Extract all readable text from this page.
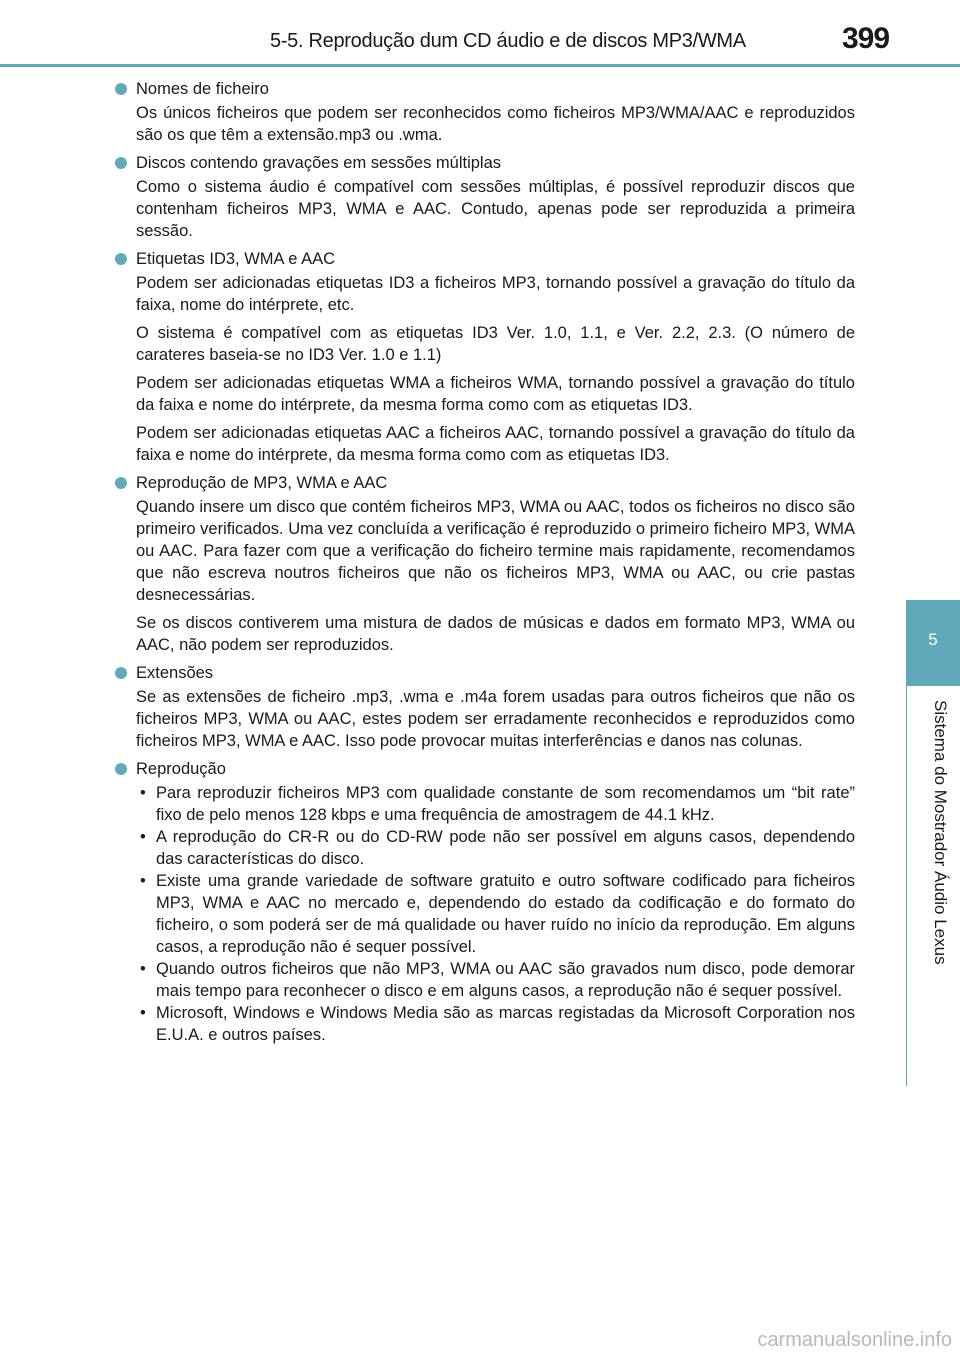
5-5. Reprodução dum CD áudio e de discos MP3/WMA	399
5
Sistema do Mostrador Áudio Lexus
Nomes de ficheiro

Os únicos ficheiros que podem ser reconhecidos como ficheiros MP3/WMA/AAC e reproduzidos são os que têm a extensão.mp3 ou .wma.

Discos contendo gravações em sessões múltiplas

Como o sistema áudio é compatível com sessões múltiplas, é possível reproduzir discos que contenham ficheiros MP3, WMA e AAC. Contudo, apenas pode ser reproduzida a primeira sessão.

Etiquetas ID3, WMA e AAC

Podem ser adicionadas etiquetas ID3 a ficheiros MP3, tornando possível a gravação do título da faixa, nome do intérprete, etc.

O sistema é compatível com as etiquetas ID3 Ver. 1.0, 1.1, e Ver. 2.2, 2.3. (O número de carateres baseia-se no ID3 Ver. 1.0 e 1.1)

Podem ser adicionadas etiquetas WMA a ficheiros WMA, tornando possível a gravação do título da faixa e nome do intérprete, da mesma forma como com as etiquetas ID3.

Podem ser adicionadas etiquetas AAC a ficheiros AAC, tornando possível a gravação do título da faixa e nome do intérprete, da mesma forma como com as etiquetas ID3.

Reprodução de MP3, WMA e AAC

Quando insere um disco que contém ficheiros MP3, WMA ou AAC, todos os ficheiros no disco são primeiro verificados. Uma vez concluída a verificação é reproduzido o primeiro ficheiro MP3, WMA ou AAC. Para fazer com que a verificação do ficheiro termine mais rapidamente, recomendamos que não escreva noutros ficheiros que não os ficheiros MP3, WMA ou AAC, ou crie pastas desnecessárias.

Se os discos contiverem uma mistura de dados de músicas e dados em formato MP3, WMA ou AAC, não podem ser reproduzidos.

Extensões

Se as extensões de ficheiro .mp3, .wma e .m4a forem usadas para outros ficheiros que não os ficheiros MP3, WMA ou AAC, estes podem ser erradamente reconhecidos e reproduzidos como ficheiros MP3, WMA e AAC. Isso pode provocar muitas interferências e danos nas colunas.

Reprodução
• Para reproduzir ficheiros MP3 com qualidade constante de som recomendamos um “bit rate” fixo de pelo menos 128 kbps e uma frequência de amostragem de 44.1 kHz.
• A reprodução do CR-R ou do CD-RW pode não ser possível em alguns casos, dependendo das características do disco.
• Existe uma grande variedade de software gratuito e outro software codificado para ficheiros MP3, WMA e AAC no mercado e, dependendo do estado da codificação e do formato do ficheiro, o som poderá ser de má qualidade ou haver ruído no início da reprodução. Em alguns casos, a reprodução não é sequer possível.
• Quando outros ficheiros que não MP3, WMA ou AAC são gravados num disco, pode demorar mais tempo para reconhecer o disco e em alguns casos, a reprodução não é sequer possível.
• Microsoft, Windows e Windows Media são as marcas registadas da Microsoft Corporation nos E.U.A. e outros países.
carmanualsonline.info
